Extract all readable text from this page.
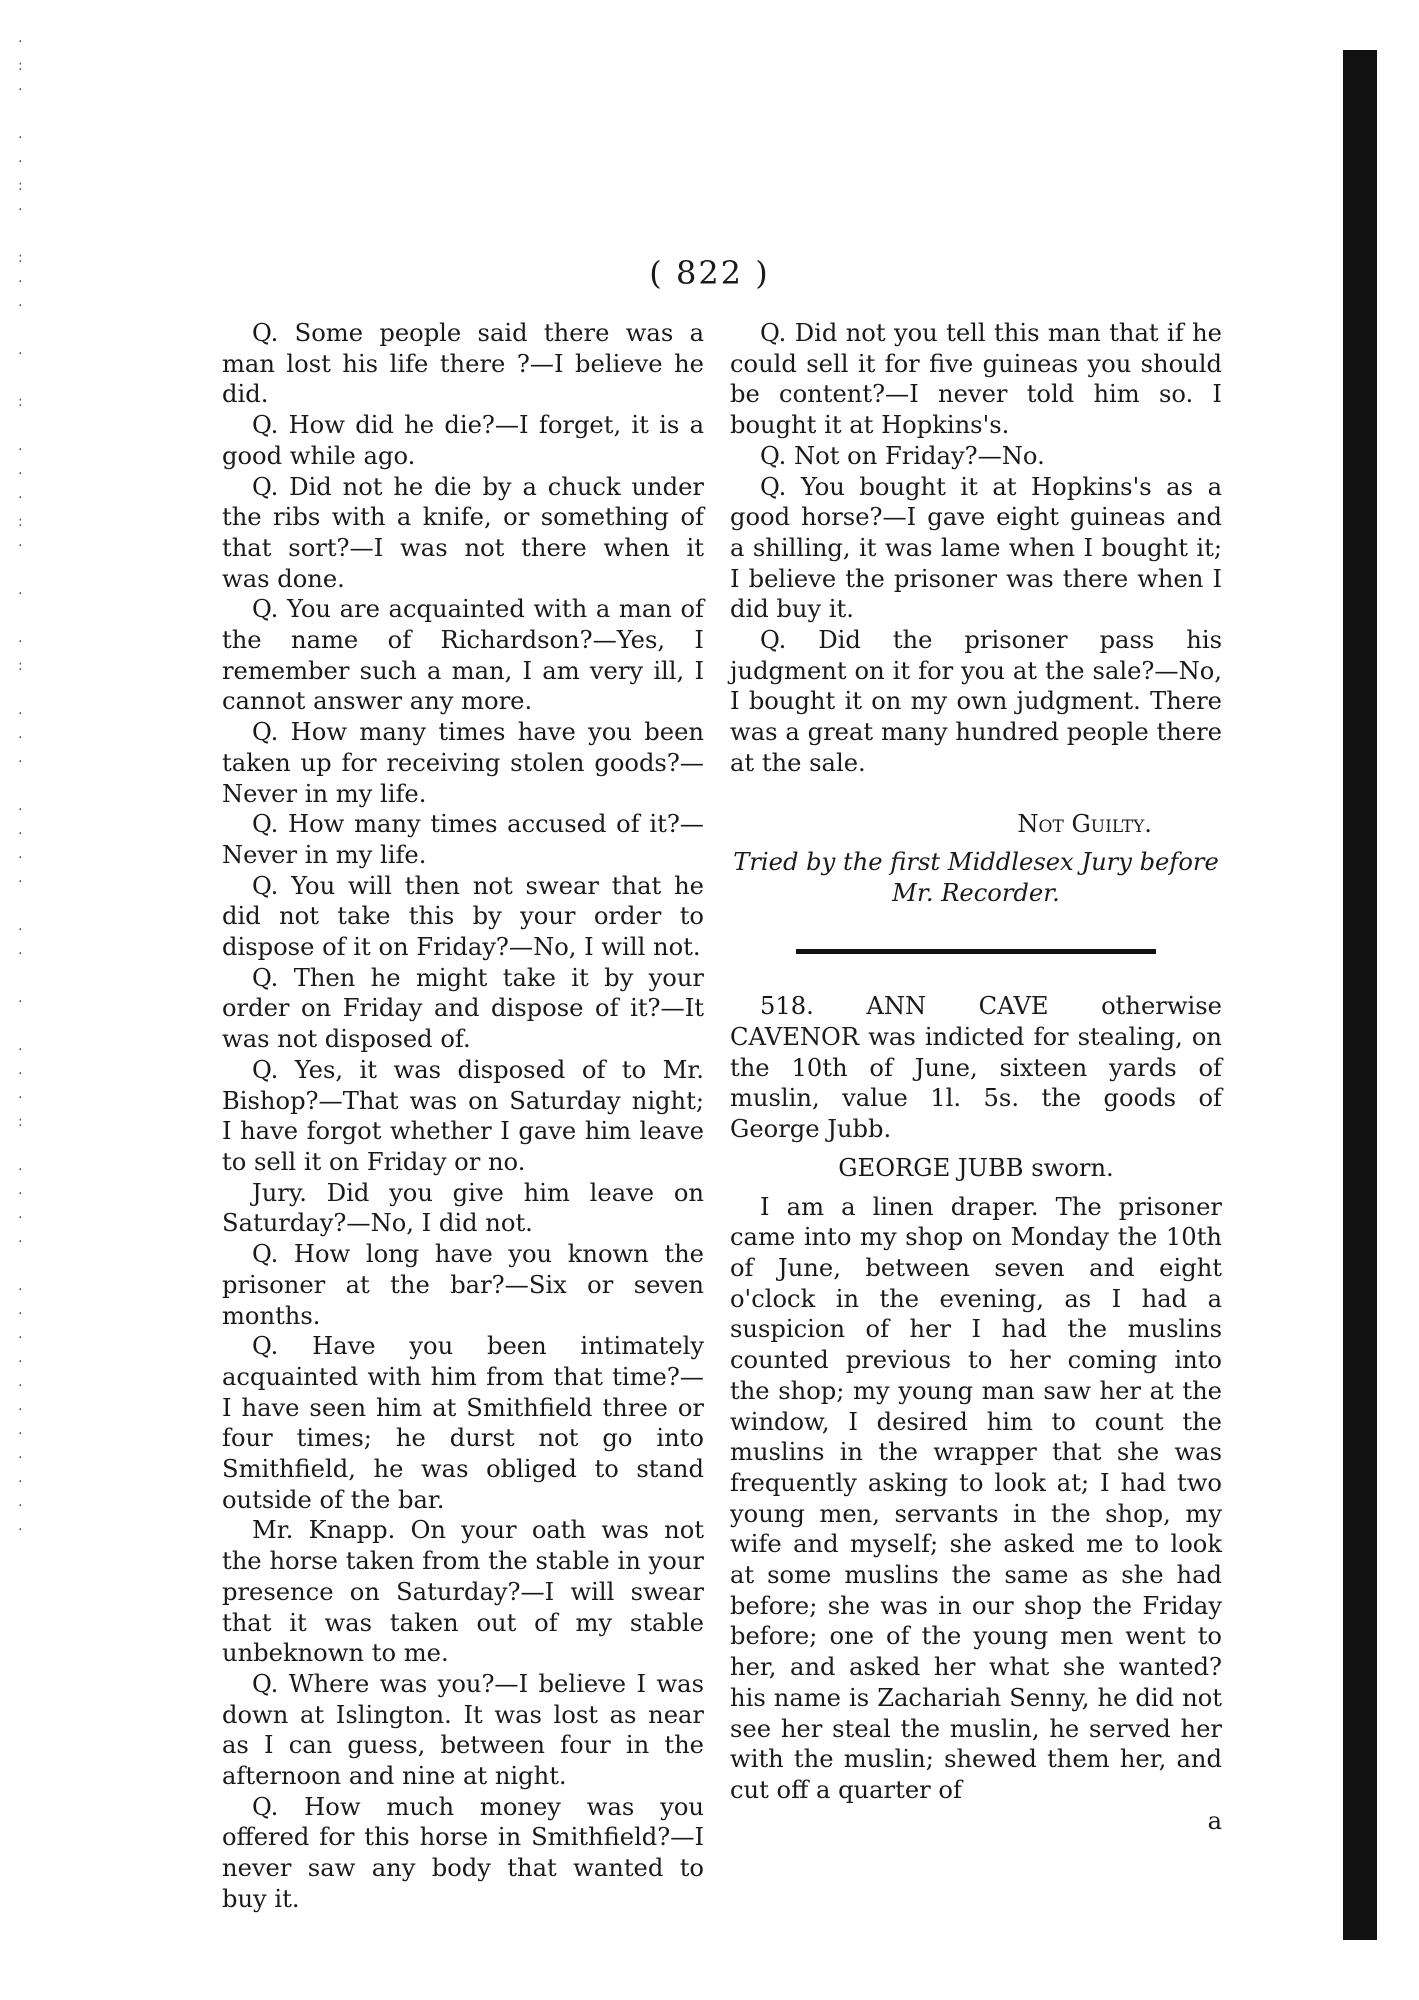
·
:
·

·
·
:
·

:
·
·

·

:

·
·
·
:
·

·

·
:

·
·
·

·
·
·
·

·
·

·

·
·
·
:

·
·
·
·

·
·
·
·
·
·
·
·
·
·
·
( 822 )

Q. Some people said there was a man lost his life there ?—I believe he did.

Q. How did he die?—I forget, it is a good while ago.

Q. Did not he die by a chuck under the ribs with a knife, or something of that sort?—I was not there when it was done.

Q. You are acquainted with a man of the name of Richardson?—Yes, I remember such a man, I am very ill, I cannot answer any more.

Q. How many times have you been taken up for receiving stolen goods?—Never in my life.

Q. How many times accused of it?—Never in my life.

Q. You will then not swear that he did not take this by your order to dispose of it on Friday?—No, I will not.

Q. Then he might take it by your order on Friday and dispose of it?—It was not disposed of.

Q. Yes, it was disposed of to Mr. Bishop?—That was on Saturday night; I have forgot whether I gave him leave to sell it on Friday or no.

Jury. Did you give him leave on Saturday?—No, I did not.

Q. How long have you known the prisoner at the bar?—Six or seven months.

Q. Have you been intimately acquainted with him from that time?—I have seen him at Smithfield three or four times; he durst not go into Smithfield, he was obliged to stand outside of the bar.

Mr. Knapp. On your oath was not the horse taken from the stable in your presence on Saturday?—I will swear that it was taken out of my stable unbeknown to me.

Q. Where was you?—I believe I was down at Islington. It was lost as near as I can guess, between four in the afternoon and nine at night.

Q. How much money was you offered for this horse in Smithfield?—I never saw any body that wanted to buy it.

Q. Did not you tell this man that if he could sell it for five guineas you should be content?—I never told him so. I bought it at Hopkins's.

Q. Not on Friday?—No.

Q. You bought it at Hopkins's as a good horse?—I gave eight guineas and a shilling, it was lame when I bought it; I believe the prisoner was there when I did buy it.

Q. Did the prisoner pass his judgment on it for you at the sale?—No, I bought it on my own judgment. There was a great many hundred people there at the sale.

Not Guilty.

Tried by the first Middlesex Jury before

Mr. Recorder.

518. ANN CAVE otherwise CAVENOR was indicted for stealing, on the 10th of June, sixteen yards of muslin, value 1l. 5s. the goods of George Jubb.

GEORGE JUBB sworn.

I am a linen draper. The prisoner came into my shop on Monday the 10th of June, between seven and eight o'clock in the evening, as I had a suspicion of her I had the muslins counted previous to her coming into the shop; my young man saw her at the window, I desired him to count the muslins in the wrapper that she was frequently asking to look at; I had two young men, servants in the shop, my wife and myself; she asked me to look at some muslins the same as she had before; she was in our shop the Friday before; one of the young men went to her, and asked her what she wanted? his name is Zachariah Senny, he did not see her steal the muslin, he served her with the muslin; shewed them her, and cut off a quarter of

a
